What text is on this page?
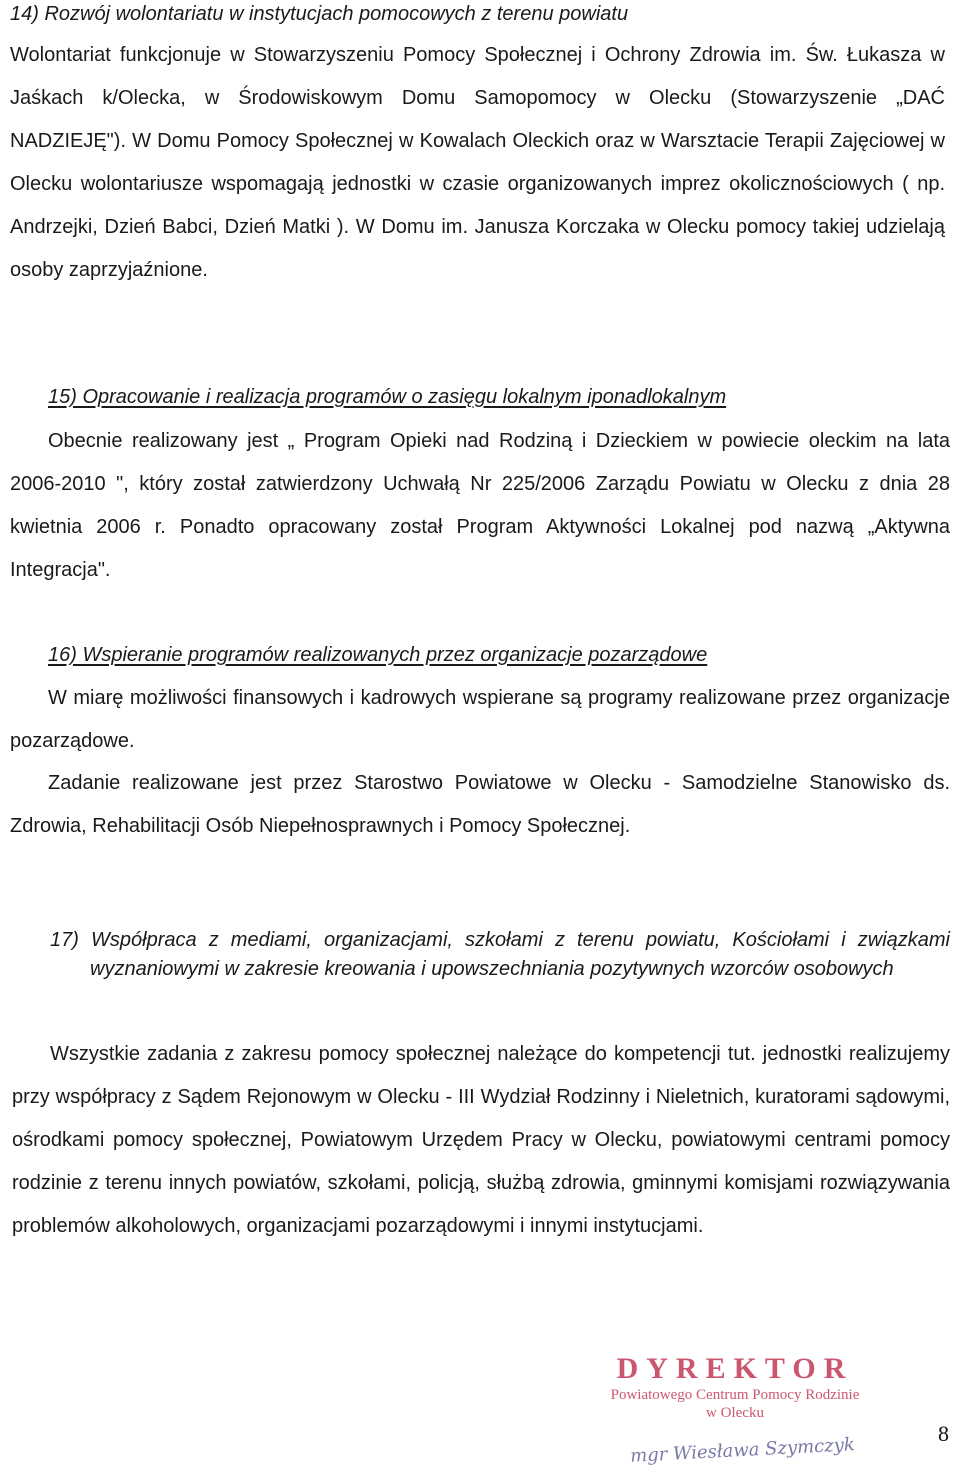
14) Rozwój wolontariatu w instytucjach pomocowych z terenu powiatu

Wolontariat funkcjonuje w Stowarzyszeniu Pomocy Społecznej i Ochrony Zdrowia im. Św. Łukasza w Jaśkach k/Olecka, w Środowiskowym Domu Samopomocy w Olecku (Stowarzyszenie „DAĆ NADZIEJĘ"). W Domu Pomocy Społecznej w Kowalach Oleckich oraz w Warsztacie Terapii Zajęciowej w Olecku wolontariusze wspomagają jednostki w czasie organizowanych imprez okolicznościowych ( np. Andrzejki, Dzień Babci, Dzień Matki ). W Domu im. Janusza Korczaka w Olecku pomocy takiej udzielają osoby zaprzyjaźnione.

15) Opracowanie i realizacja programów o zasięgu lokalnym iponadlokalnym

Obecnie realizowany jest „ Program Opieki nad Rodziną i Dzieckiem w powiecie oleckim na lata 2006-2010 ", który został zatwierdzony Uchwałą Nr 225/2006 Zarządu Powiatu w Olecku z dnia 28 kwietnia 2006 r. Ponadto opracowany został Program Aktywności Lokalnej pod nazwą „Aktywna Integracja".

16) Wspieranie programów realizowanych przez organizacje pozarządowe

W miarę możliwości finansowych i kadrowych wspierane są programy realizowane przez organizacje pozarządowe.

Zadanie realizowane jest przez Starostwo Powiatowe w Olecku - Samodzielne Stanowisko ds. Zdrowia, Rehabilitacji Osób Niepełnosprawnych i Pomocy Społecznej.

17) Współpraca z mediami, organizacjami, szkołami z terenu powiatu, Kościołami i związkami wyznaniowymi w zakresie kreowania i upowszechniania pozytywnych wzorców osobowych

Wszystkie zadania z zakresu pomocy społecznej należące do kompetencji tut. jednostki realizujemy przy współpracy z Sądem Rejonowym w Olecku - III Wydział Rodzinny i Nieletnich, kuratorami sądowymi, ośrodkami pomocy społecznej, Powiatowym Urzędem Pracy w Olecku, powiatowymi centrami pomocy rodzinie z terenu innych powiatów, szkołami, policją, służbą zdrowia, gminnymi komisjami rozwiązywania problemów alkoholowych, organizacjami pozarządowymi i innymi instytucjami.

DYREKTOR
Powiatowego Centrum Pomocy Rodzinie
w Olecku
mgr Wiesława Szymczyk
8
